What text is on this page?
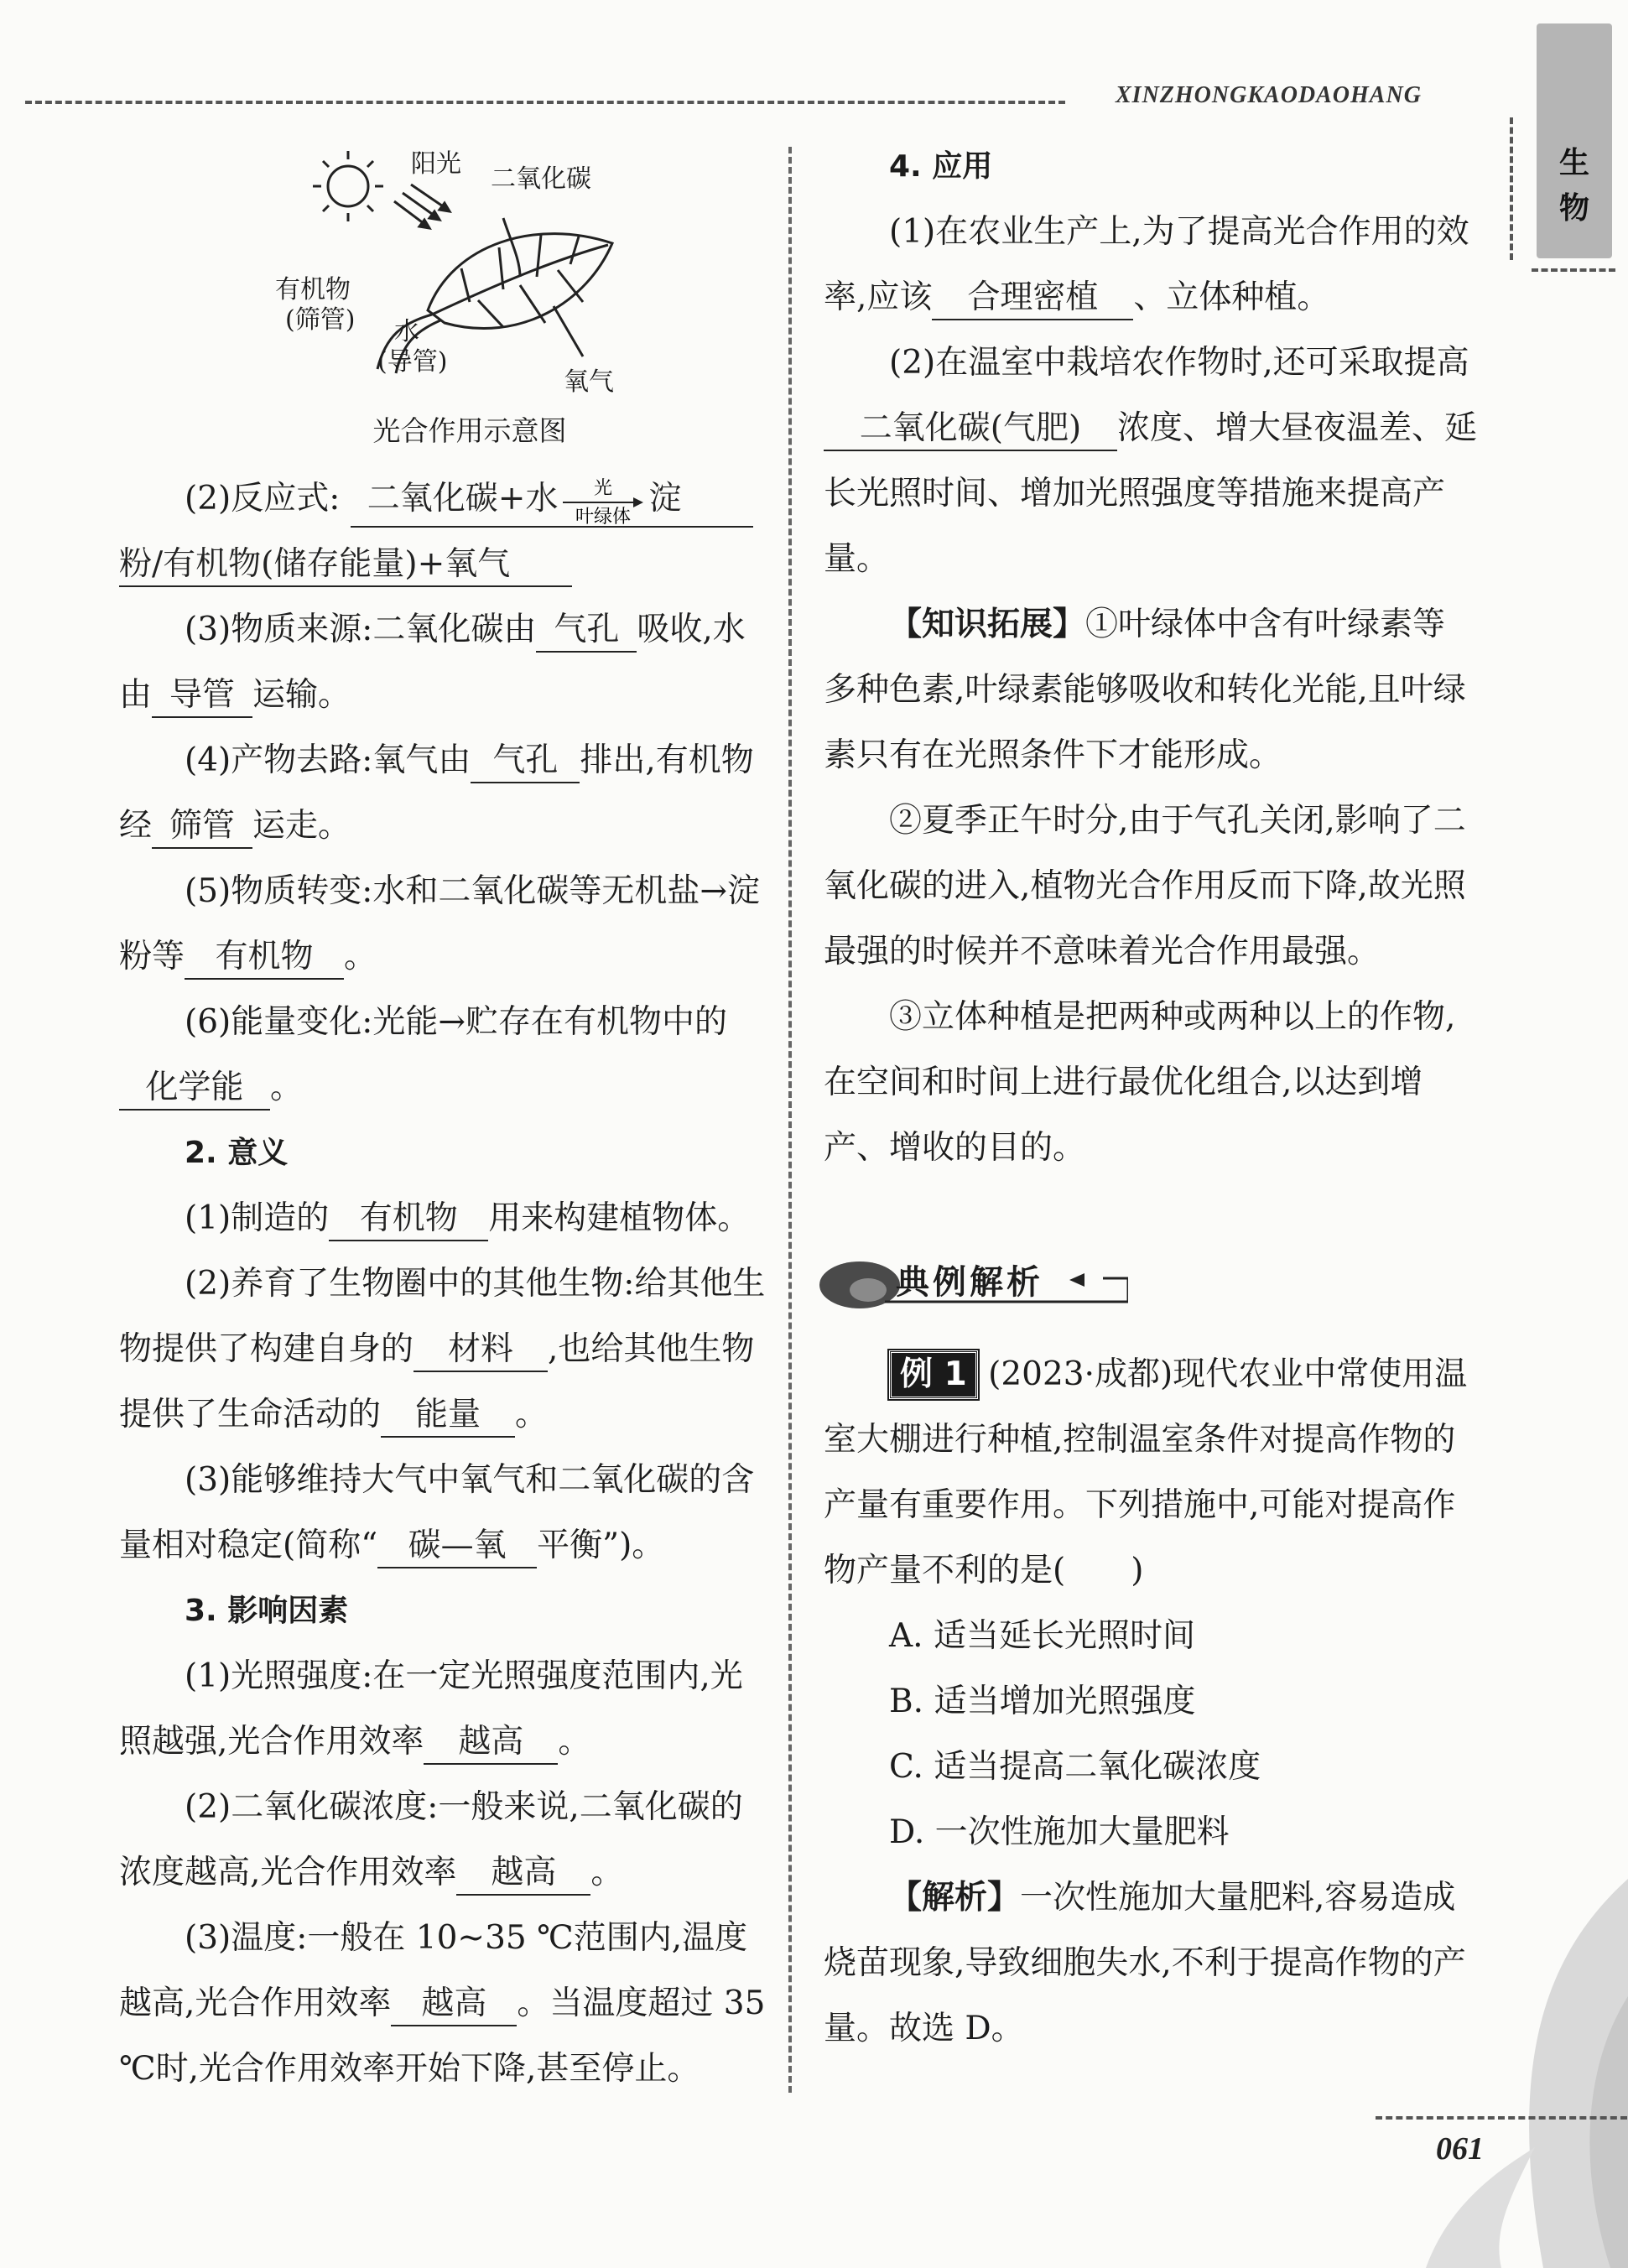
XINZHONGKAODAOHANG
生物
阳光
二氧化碳
有机物
(筛管) 水
(导管)
氧气
光合作用示意图

(2)反应式: 二氧化碳+水 光
叶绿体 淀

粉/有机物(储存能量)+氧气

(3)物质来源:二氧化碳由 气孔 吸收,水由 导管 运输。

(4)产物去路:氧气由 气孔 排出,有机物经 筛管 运走。

(5)物质转变:水和二氧化碳等无机盐→淀粉等 有机物 。

(6)能量变化:光能→贮存在有机物中的化学能 。

2. 意义

(1)制造的 有机物 用来构建植物体。

(2)养育了生物圈中的其他生物:给其他生物提供了构建自身的 材料 ,也给其他生物提供了生命活动的 能量 。

(3)能够维持大气中氧气和二氧化碳的含量相对稳定(简称“ 碳—氧 平衡”)。

3. 影响因素

(1)光照强度:在一定光照强度范围内,光照越强,光合作用效率 越高 。

(2)二氧化碳浓度:一般来说,二氧化碳的浓度越高,光合作用效率 越高 。

(3)温度:一般在 10~35 ℃范围内,温度越高,光合作用效率 越高 。当温度超过 35 ℃时,光合作用效率开始下降,甚至停止。

4. 应用

(1)在农业生产上,为了提高光合作用的效率,应该 合理密植 、立体种植。

(2)在温室中栽培农作物时,还可采取提高二氧化碳(气肥) 浓度、增大昼夜温差、延长光照时间、增加光照强度等措施来提高产量。

【知识拓展】①叶绿体中含有叶绿素等多种色素,叶绿素能够吸收和转化光能,且叶绿素只有在光照条件下才能形成。

②夏季正午时分,由于气孔关闭,影响了二氧化碳的进入,植物光合作用反而下降,故光照最强的时候并不意味着光合作用最强。

③立体种植是把两种或两种以上的作物,在空间和时间上进行最优化组合,以达到增产、增收的目的。

典例解析

例 1 (2023·成都)现代农业中常使用温室大棚进行种植,控制温室条件对提高作物的产量有重要作用。下列措施中,可能对提高作物产量不利的是(　　)

A. 适当延长光照时间

B. 适当增加光照强度

C. 适当提高二氧化碳浓度

D. 一次性施加大量肥料

【解析】一次性施加大量肥料,容易造成烧苗现象,导致细胞失水,不利于提高作物的产量。故选 D。

061
